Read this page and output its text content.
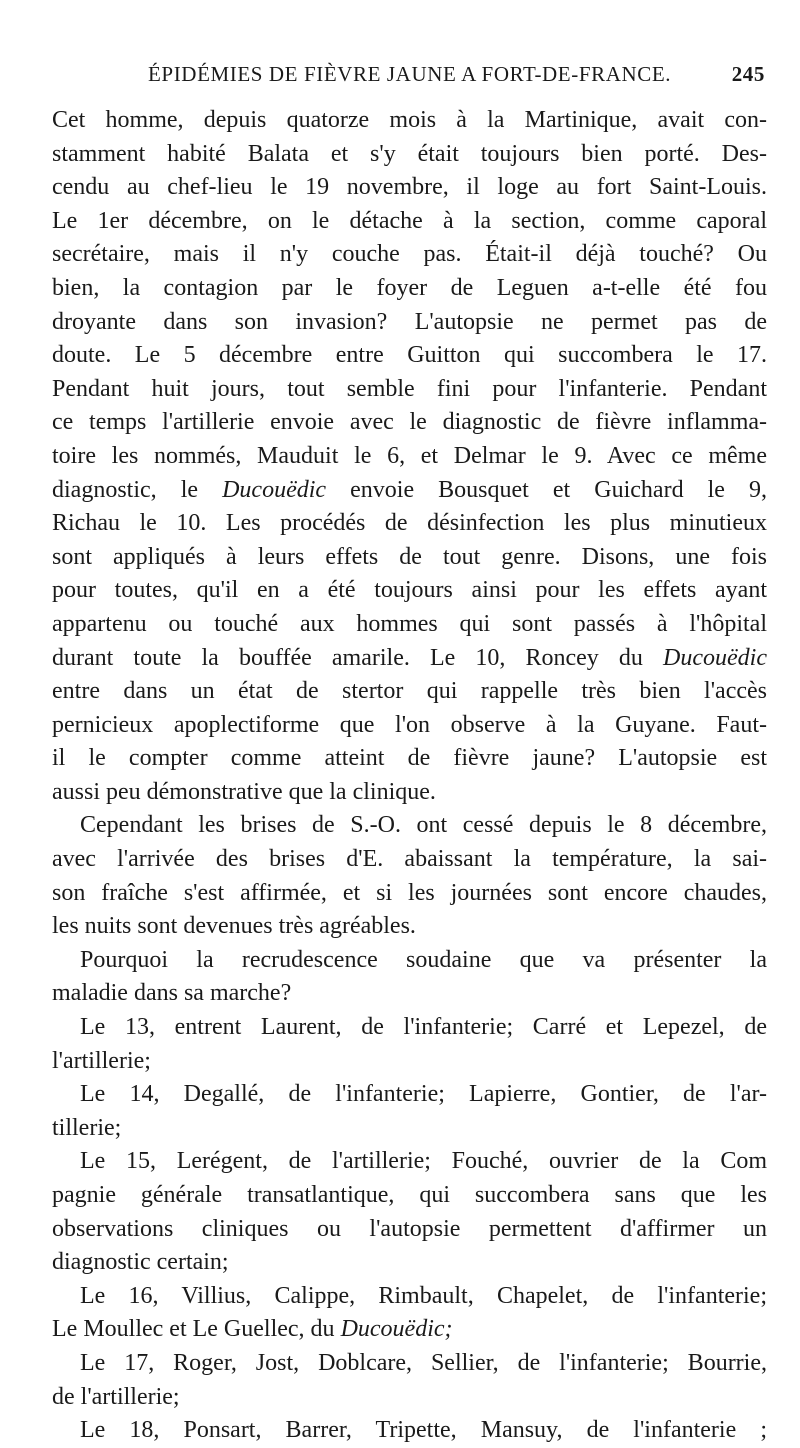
ÉPIDÉMIES DE FIÈVRE JAUNE A FORT-DE-FRANCE.	245
Cet homme, depuis quatorze mois à la Martinique, avait con-
stamment habité Balata et s'y était toujours bien porté. Des-
cendu au chef-lieu le 19 novembre, il loge au fort Saint-Louis.
Le 1er décembre, on le détache à la section, comme caporal
secrétaire, mais il n'y couche pas. Était-il déjà touché? Ou
bien, la contagion par le foyer de Leguen a-t-elle été fou
droyante dans son invasion? L'autopsie ne permet pas de
doute. Le 5 décembre entre Guitton qui succombera le 17.
Pendant huit jours, tout semble fini pour l'infanterie. Pendant
ce temps l'artillerie envoie avec le diagnostic de fièvre inflamma-
toire les nommés, Mauduit le 6, et Delmar le 9. Avec ce même
diagnostic, le Ducouëdic envoie Bousquet et Guichard le 9,
Richau le 10. Les procédés de désinfection les plus minutieux
sont appliqués à leurs effets de tout genre. Disons, une fois
pour toutes, qu'il en a été toujours ainsi pour les effets ayant
appartenu ou touché aux hommes qui sont passés à l'hôpital
durant toute la bouffée amarile. Le 10, Roncey du Ducouëdic
entre dans un état de stertor qui rappelle très bien l'accès
pernicieux apoplectiforme que l'on observe à la Guyane. Faut-
il le compter comme atteint de fièvre jaune? L'autopsie est
aussi peu démonstrative que la clinique.
Cependant les brises de S.-O. ont cessé depuis le 8 décembre,
avec l'arrivée des brises d'E. abaissant la température, la sai-
son fraîche s'est affirmée, et si les journées sont encore chaudes,
les nuits sont devenues très agréables.
Pourquoi la recrudescence soudaine que va présenter la
maladie dans sa marche?
Le 13, entrent Laurent, de l'infanterie; Carré et Lepezel, de
l'artillerie;
Le 14, Degallé, de l'infanterie; Lapierre, Gontier, de l'ar-
tillerie;
Le 15, Lerégent, de l'artillerie; Fouché, ouvrier de la Com
pagnie générale transatlantique, qui succombera sans que les
observations cliniques ou l'autopsie permettent d'affirmer un
diagnostic certain;
Le 16, Villius, Calippe, Rimbault, Chapelet, de l'infanterie;
Le Moullec et Le Guellec, du Ducouëdic;
Le 17, Roger, Jost, Doblcare, Sellier, de l'infanterie; Bourrie,
de l'artillerie;
Le 18, Ponsart, Barrer, Tripette, Mansuy, de l'infanterie ;
